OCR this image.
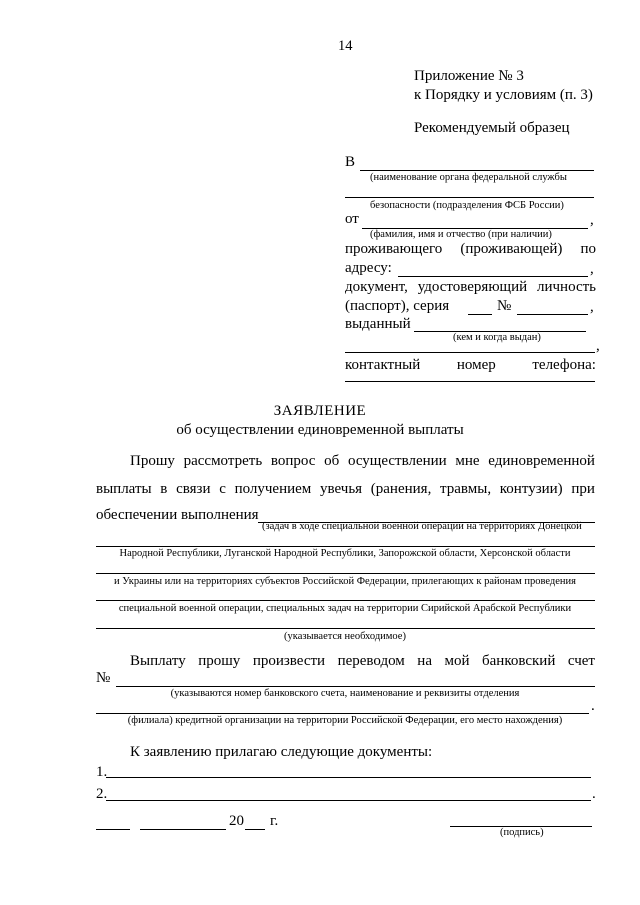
14
Приложение № 3
к Порядку и условиям (п. 3)
Рекомендуемый образец
В
(наименование органа федеральной службы
безопасности (подразделения ФСБ России)
от	,
(фамилия, имя и отчество (при наличии)
проживающего (проживающей) по
адресу:	,
документ, удостоверяющий личность
(паспорт), серия	№	,
выданный
(кем и когда выдан)
,
контактный номер телефона:
ЗАЯВЛЕНИЕ
об осуществлении единовременной выплаты
Прошу рассмотреть вопрос об осуществлении мне единовременной
выплаты в связи с получением увечья (ранения, травмы, контузии) при
обеспечении выполнения
(задач в ходе специальной военной операции на территориях Донецкой
Народной Республики, Луганской Народной Республики, Запорожской области, Херсонской области
и Украины или на территориях субъектов Российской Федерации, прилегающих к районам проведения
специальной военной операции, специальных задач на территории Сирийской Арабской Республики
(указывается необходимое)
Выплату прошу произвести переводом на мой банковский счет
№
(указываются номер банковского счета, наименование и реквизиты отделения
.
(филиала) кредитной организации на территории Российской Федерации, его место нахождения)
К заявлению прилагаю следующие документы:
1.
2.	.
20 г.
(подпись)
